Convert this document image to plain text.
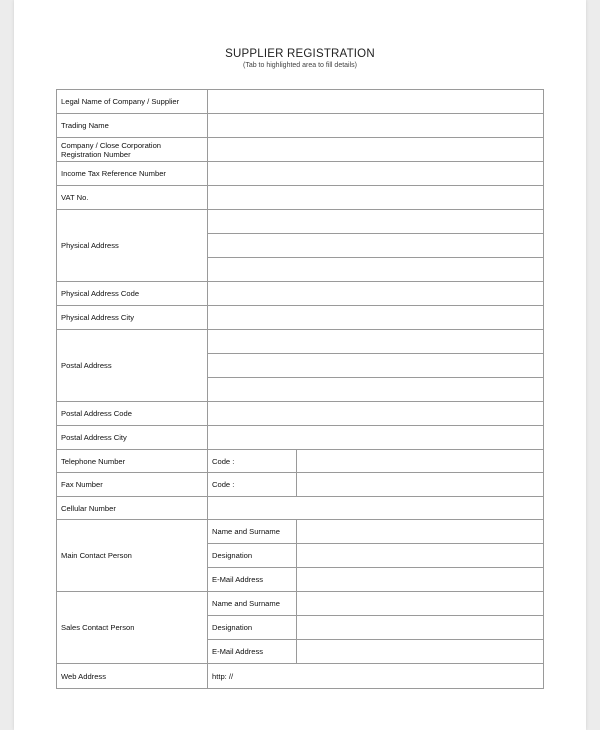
SUPPLIER REGISTRATION
(Tab to highlighted area to fill details)
Legal Name of Company / Supplier		
Trading Name		
Company / Close Corporation Registration Number		
Income Tax Reference Number		
VAT No.		
Physical Address		

Physical Address Code		
Physical Address City		
Postal Address		

Postal Address Code		
Postal Address City		
Telephone Number	Code :	
Fax Number	Code :	
Cellular Number		
Main Contact Person	Name and Surname	
	Designation	
	E-Mail Address	
Sales Contact Person	Name and Surname	
	Designation	
	E-Mail Address	
Web Address	http: //	
